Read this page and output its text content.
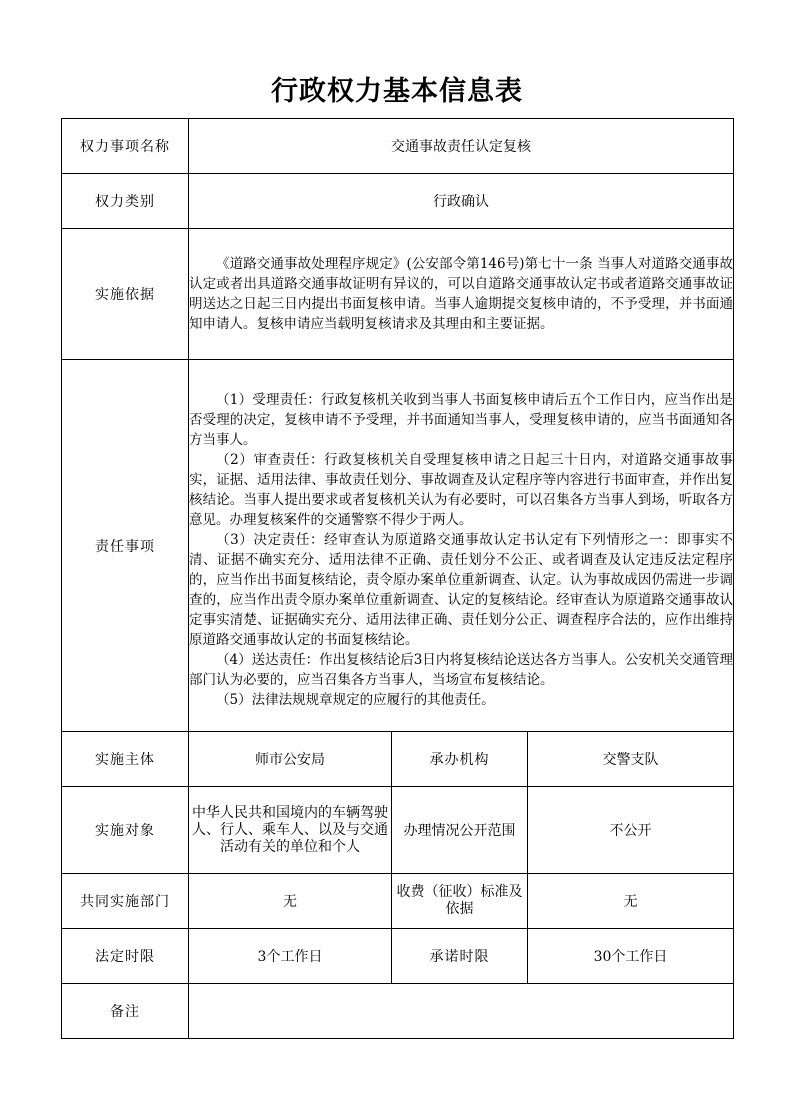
行政权力基本信息表
权力事项名称	交通事故责任认定复核		
权力类别	行政确认		
实施依据	《道路交通事故处理程序规定》(公安部令第146号)第七十一条 当事人对道路交通事故认定或者出具道路交通事故证明有异议的，可以自道路交通事故认定书或者道路交通事故证明送达之日起三日内提出书面复核申请。当事人逾期提交复核申请的，不予受理，并书面通知申请人。复核申请应当载明复核请求及其理由和主要证据。		

责任事项	（1）受理责任：行政复核机关收到当事人书面复核申请后五个工作日内，应当作出是否受理的决定，复核申请不予受理，并书面通知当事人，受理复核申请的，应当书面通知各方当事人。

（2）审查责任：行政复核机关自受理复核申请之日起三十日内，对道路交通事故事实，证据、适用法律、事故责任划分、事故调查及认定程序等内容进行书面审查，并作出复核结论。当事人提出要求或者复核机关认为有必要时，可以召集各方当事人到场，听取各方意见。办理复核案件的交通警察不得少于两人。

（3）决定责任：经审查认为原道路交通事故认定书认定有下列情形之一：即事实不清、证据不确实充分、适用法律不正确、责任划分不公正、或者调查及认定违反法定程序的，应当作出书面复核结论，责令原办案单位重新调查、认定。认为事故成因仍需进一步调查的，应当作出责令原办案单位重新调查、认定的复核结论。经审查认为原道路交通事故认定事实清楚、证据确实充分、适用法律正确、责任划分公正、调查程序合法的，应作出维持原道路交通事故认定的书面复核结论。

（4）送达责任：作出复核结论后3日内将复核结论送达各方当事人。公安机关交通管理部门认为必要的，应当召集各方当事人，当场宣布复核结论。

（5）法律法规规章规定的应履行的其他责任。		

实施主体	师市公安局	承办机构	交警支队
实施对象	中华人民共和国境内的车辆驾驶人、行人、乘车人、以及与交通活动有关的单位和个人	办理情况公开范围	不公开
共同实施部门	无	收费（征收）标准及依据	无
法定时限	3个工作日	承诺时限	30个工作日
备注			
